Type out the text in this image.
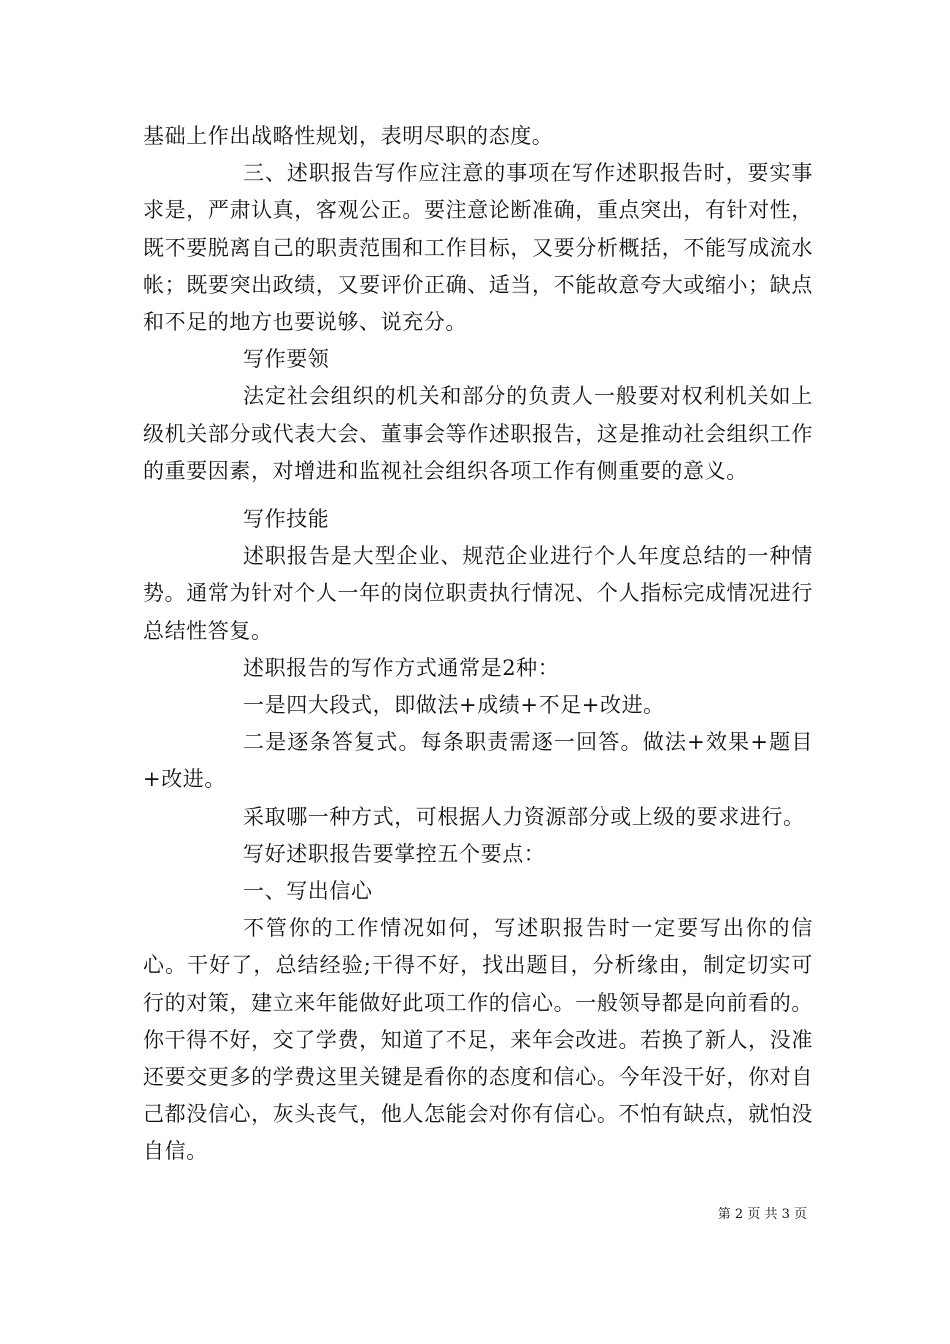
基础上作出战略性规划，表明尽职的态度。

三、述职报告写作应注意的事项在写作述职报告时，要实事求是，严肃认真，客观公正。要注意论断准确，重点突出，有针对性，既不要脱离自己的职责范围和工作目标，又要分析概括，不能写成流水帐；既要突出政绩，又要评价正确、适当，不能故意夸大或缩小；缺点和不足的地方也要说够、说充分。

写作要领

法定社会组织的机关和部分的负责人一般要对权利机关如上级机关部分或代表大会、董事会等作述职报告，这是推动社会组织工作的重要因素，对增进和监视社会组织各项工作有侧重要的意义。

写作技能

述职报告是大型企业、规范企业进行个人年度总结的一种情势。通常为针对个人一年的岗位职责执行情况、个人指标完成情况进行总结性答复。

述职报告的写作方式通常是2种：

一是四大段式，即做法+成绩+不足+改进。

二是逐条答复式。每条职责需逐一回答。做法+效果+题目+改进。

采取哪一种方式，可根据人力资源部分或上级的要求进行。

写好述职报告要掌控五个要点：

一、写出信心

不管你的工作情况如何，写述职报告时一定要写出你的信心。干好了，总结经验;干得不好，找出题目，分析缘由，制定切实可行的对策，建立来年能做好此项工作的信心。一般领导都是向前看的。你干得不好，交了学费，知道了不足，来年会改进。若换了新人，没准还要交更多的学费这里关键是看你的态度和信心。今年没干好，你对自己都没信心，灰头丧气，他人怎能会对你有信心。不怕有缺点，就怕没自信。

第 2 页 共 3 页
